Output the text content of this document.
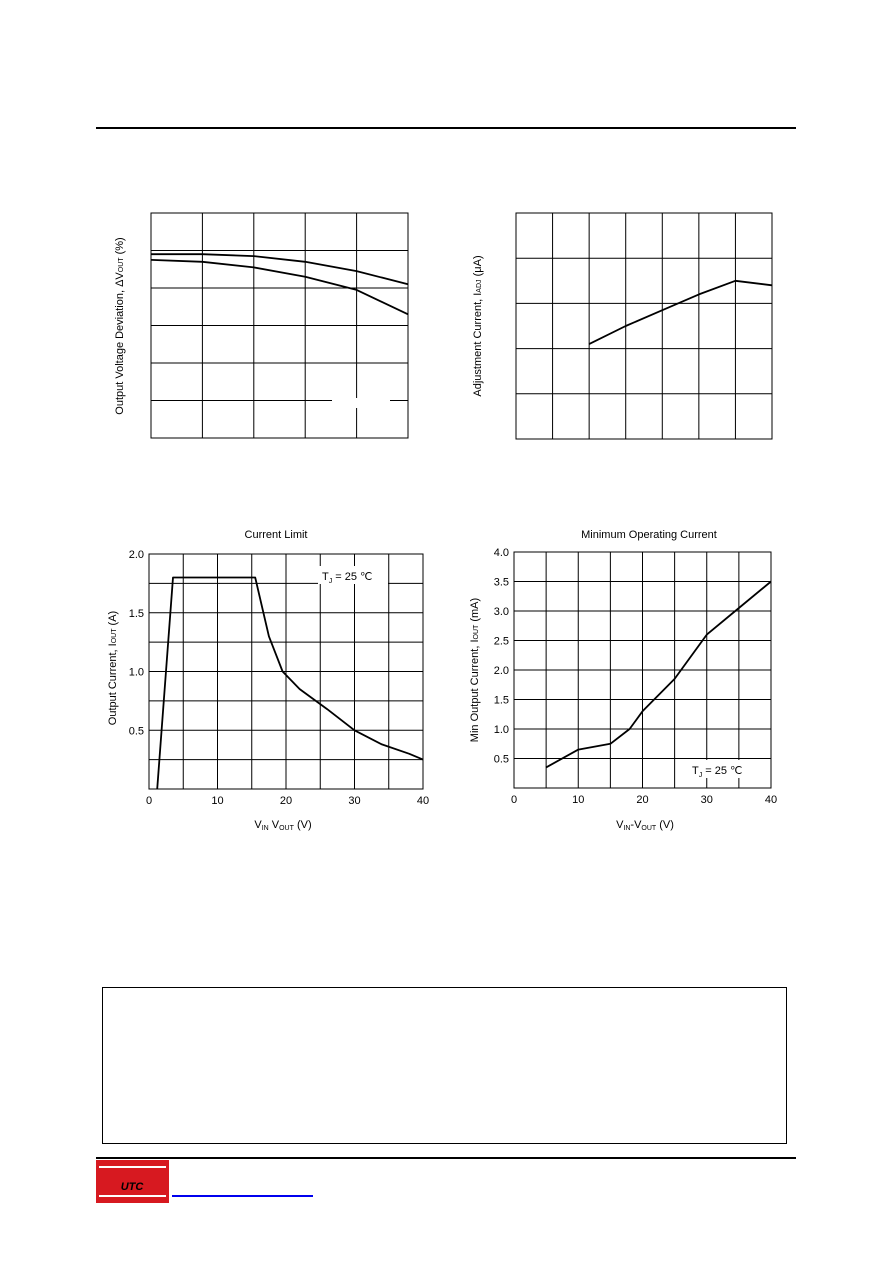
Output Voltage Deviation, ΔVOUT (%)
Adjustment Current, IADJ (μA)
Current Limit
0	10	20	30	40
0.5
1.0
1.5
2.0
$T_J = 25$ ℃
Output Current, IOUT (A)
VIN VOUT (V)
Minimum Operating Current
0	10	20	30	40
0.5
1.0
1.5
2.0
2.5
3.0
3.5
4.0
$T_J = 25$ ℃
Min Output Current, IOUT (mA)
VIN-VOUT (V)
UTC
